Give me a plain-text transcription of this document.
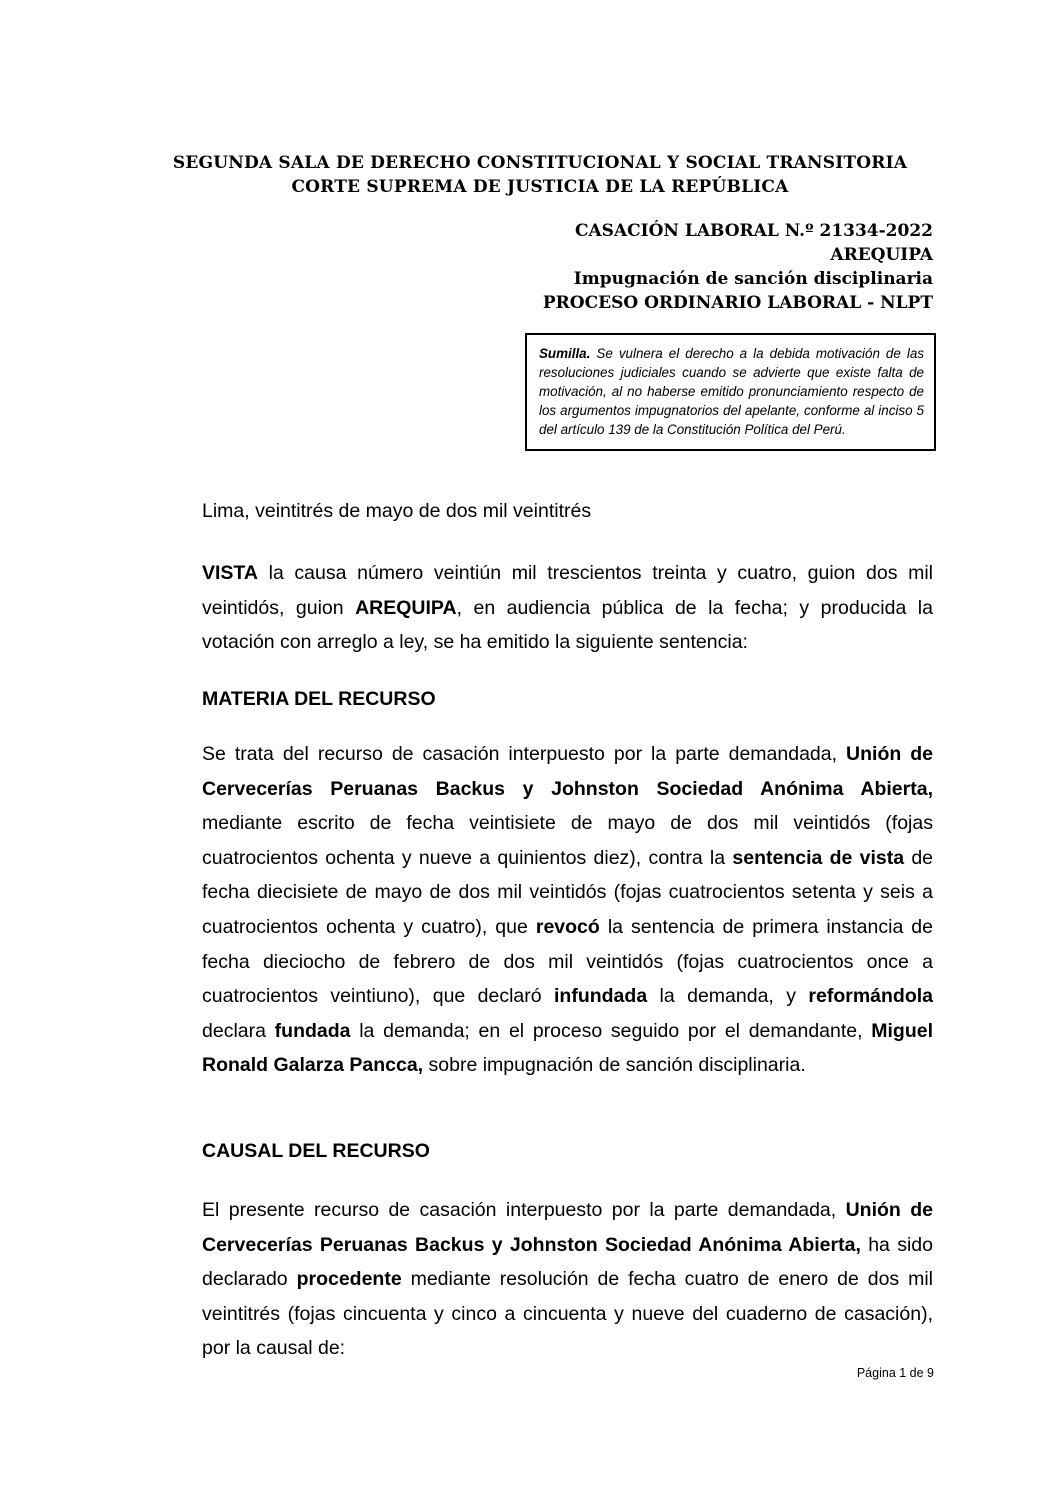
SEGUNDA SALA DE DERECHO CONSTITUCIONAL Y SOCIAL TRANSITORIA
CORTE SUPREMA DE JUSTICIA DE LA REPÚBLICA
CASACIÓN LABORAL N.º 21334-2022
AREQUIPA
Impugnación de sanción disciplinaria
PROCESO ORDINARIO LABORAL - NLPT
Sumilla. Se vulnera el derecho a la debida motivación de las resoluciones judiciales cuando se advierte que existe falta de motivación, al no haberse emitido pronunciamiento respecto de los argumentos impugnatorios del apelante, conforme al inciso 5 del artículo 139 de la Constitución Política del Perú.
Lima, veintitrés de mayo de dos mil veintitrés

VISTA la causa número veintiún mil trescientos treinta y cuatro, guion dos mil veintidós, guion AREQUIPA, en audiencia pública de la fecha; y producida la votación con arreglo a ley, se ha emitido la siguiente sentencia:

MATERIA DEL RECURSO

Se trata del recurso de casación interpuesto por la parte demandada, Unión de Cervecerías Peruanas Backus y Johnston Sociedad Anónima Abierta, mediante escrito de fecha veintisiete de mayo de dos mil veintidós (fojas cuatrocientos ochenta y nueve a quinientos diez), contra la sentencia de vista de fecha diecisiete de mayo de dos mil veintidós (fojas cuatrocientos setenta y seis a cuatrocientos ochenta y cuatro), que revocó la sentencia de primera instancia de fecha dieciocho de febrero de dos mil veintidós (fojas cuatrocientos once a cuatrocientos veintiuno), que declaró infundada la demanda, y reformándola declara fundada la demanda; en el proceso seguido por el demandante, Miguel Ronald Galarza Pancca, sobre impugnación de sanción disciplinaria.

CAUSAL DEL RECURSO

El presente recurso de casación interpuesto por la parte demandada, Unión de Cervecerías Peruanas Backus y Johnston Sociedad Anónima Abierta, ha sido declarado procedente mediante resolución de fecha cuatro de enero de dos mil veintitrés (fojas cincuenta y cinco a cincuenta y nueve del cuaderno de casación), por la causal de:

Página 1 de 9
